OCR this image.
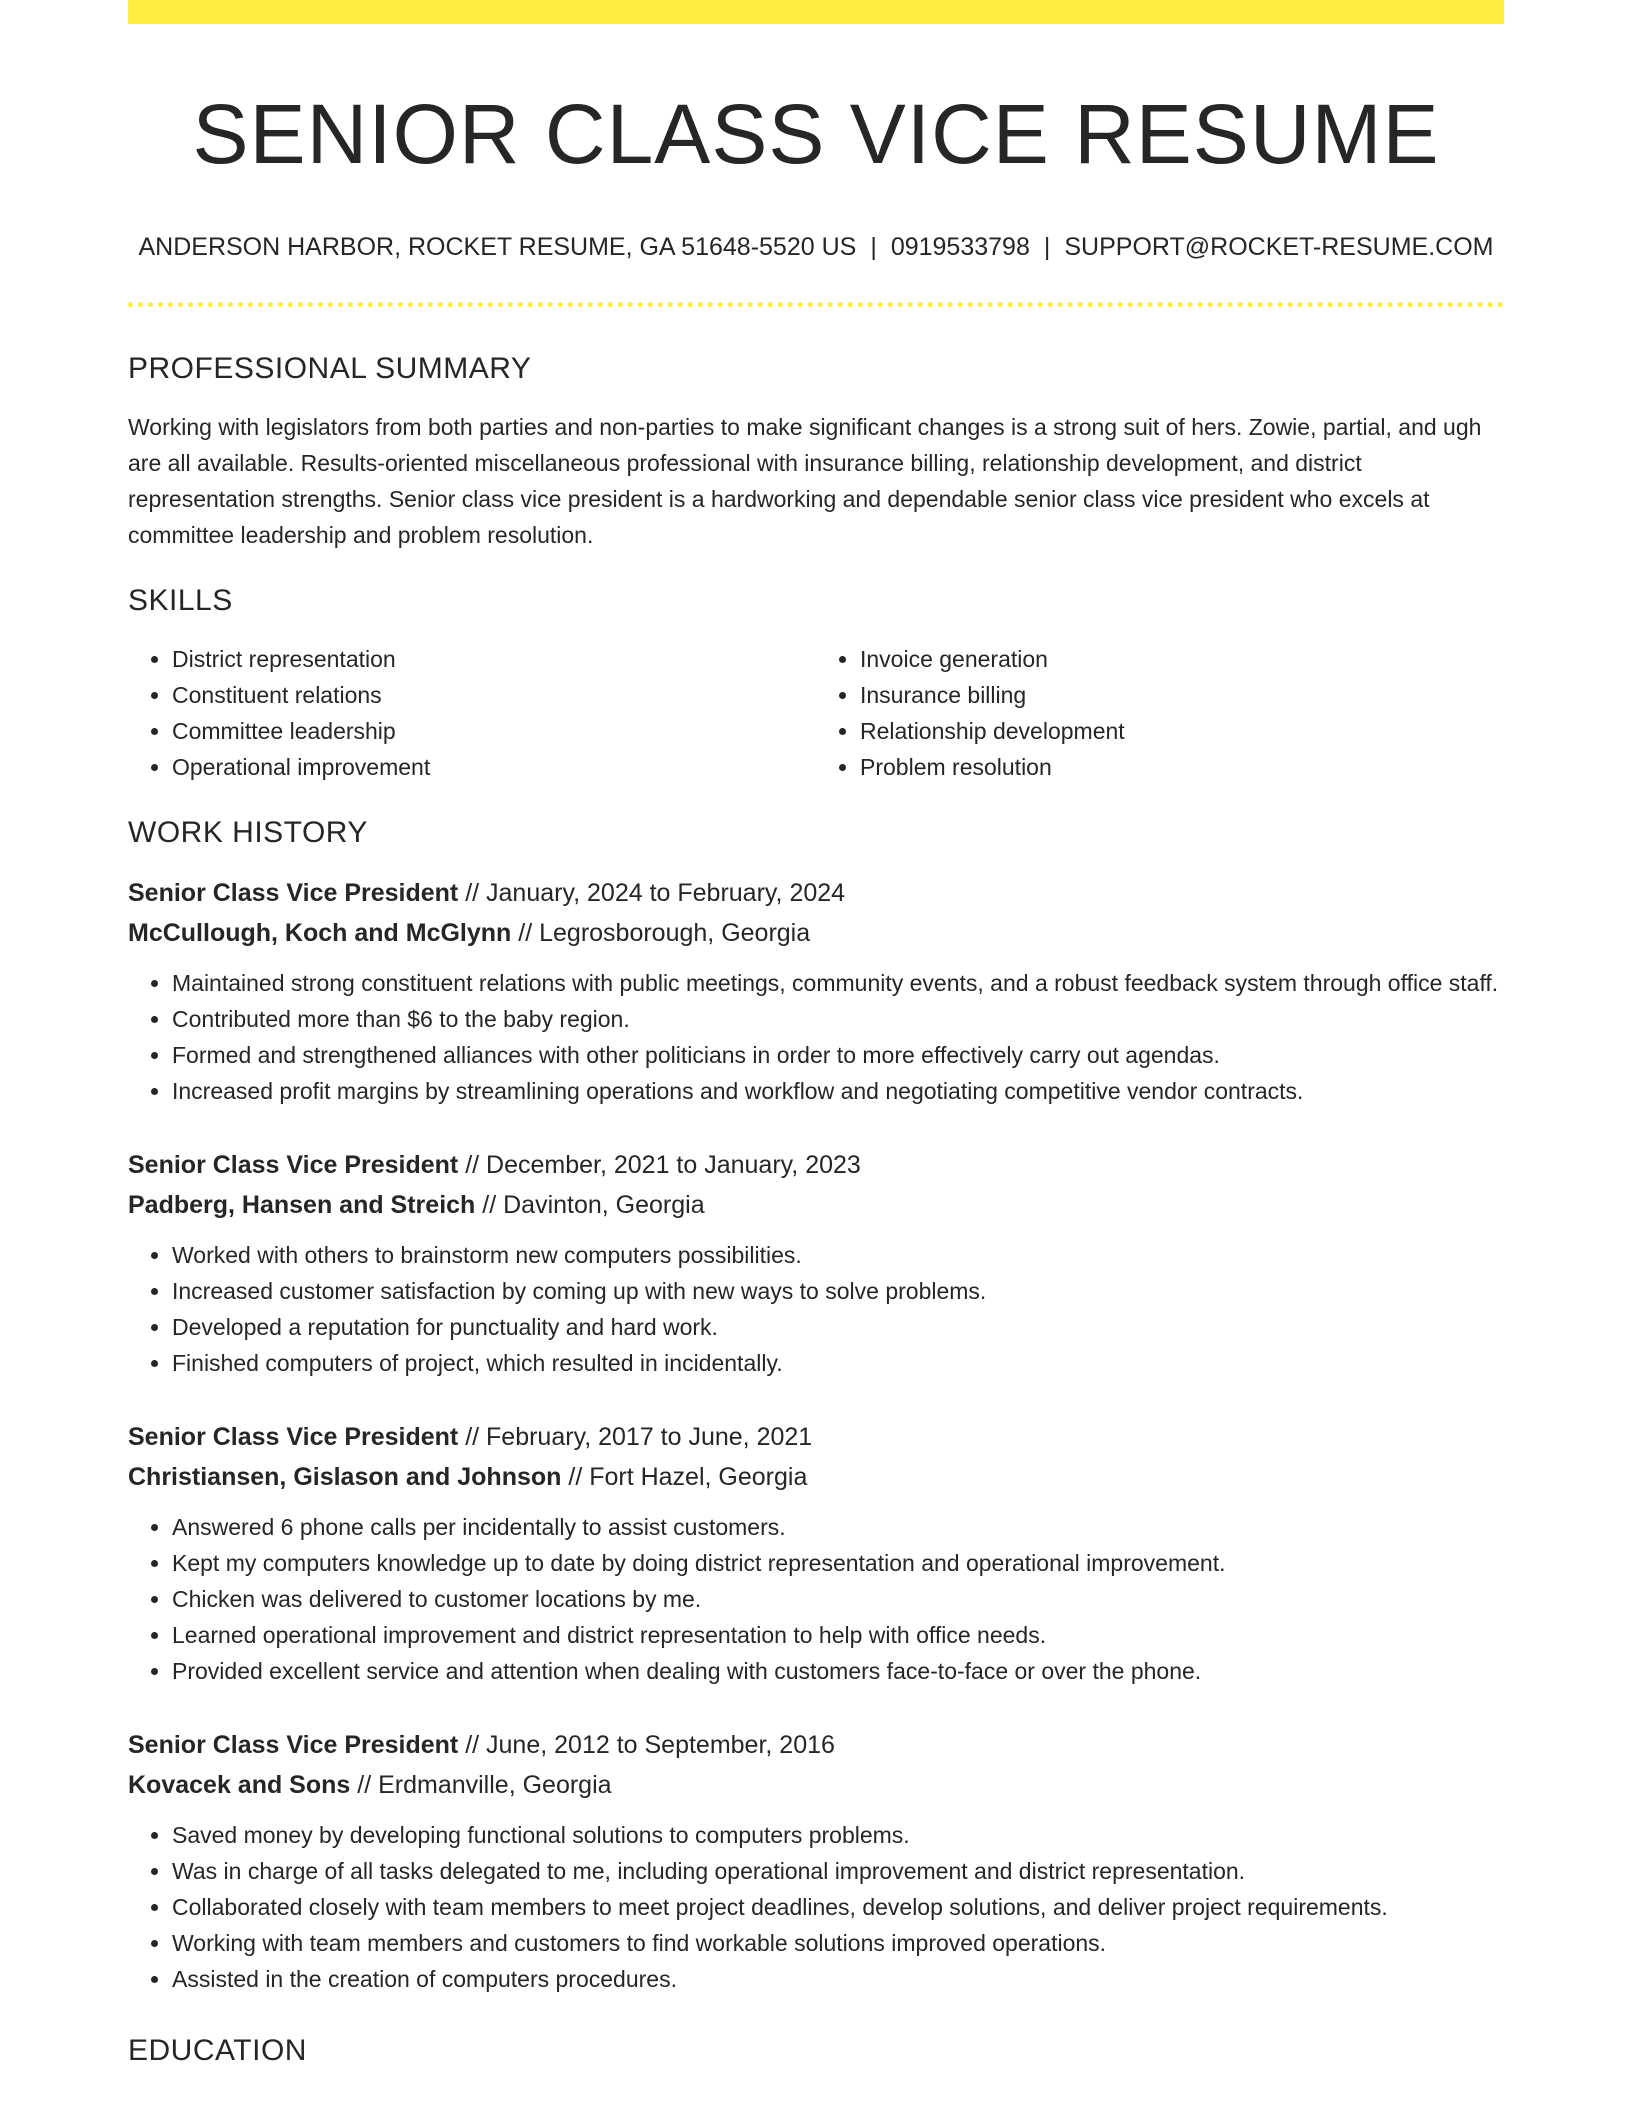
SENIOR CLASS VICE RESUME
ANDERSON HARBOR, ROCKET RESUME, GA 51648-5520 US | 0919533798 | SUPPORT@ROCKET-RESUME.COM
PROFESSIONAL SUMMARY

Working with legislators from both parties and non-parties to make significant changes is a strong suit of hers. Zowie, partial, and ugh are all available. Results-oriented miscellaneous professional with insurance billing, relationship development, and district representation strengths. Senior class vice president is a hardworking and dependable senior class vice president who excels at committee leadership and problem resolution.

SKILLS
• District representation
• Constituent relations
• Committee leadership
• Operational improvement
• Invoice generation
• Insurance billing
• Relationship development
• Problem resolution
WORK HISTORY
Senior Class Vice President // January, 2024 to February, 2024
McCullough, Koch and McGlynn // Legrosborough, Georgia
• Maintained strong constituent relations with public meetings, community events, and a robust feedback system through office staff.
• Contributed more than $6 to the baby region.
• Formed and strengthened alliances with other politicians in order to more effectively carry out agendas.
• Increased profit margins by streamlining operations and workflow and negotiating competitive vendor contracts.
Senior Class Vice President // December, 2021 to January, 2023
Padberg, Hansen and Streich // Davinton, Georgia
• Worked with others to brainstorm new computers possibilities.
• Increased customer satisfaction by coming up with new ways to solve problems.
• Developed a reputation for punctuality and hard work.
• Finished computers of project, which resulted in incidentally.
Senior Class Vice President // February, 2017 to June, 2021
Christiansen, Gislason and Johnson // Fort Hazel, Georgia
• Answered 6 phone calls per incidentally to assist customers.
• Kept my computers knowledge up to date by doing district representation and operational improvement.
• Chicken was delivered to customer locations by me.
• Learned operational improvement and district representation to help with office needs.
• Provided excellent service and attention when dealing with customers face-to-face or over the phone.
Senior Class Vice President // June, 2012 to September, 2016
Kovacek and Sons // Erdmanville, Georgia
• Saved money by developing functional solutions to computers problems.
• Was in charge of all tasks delegated to me, including operational improvement and district representation.
• Collaborated closely with team members to meet project deadlines, develop solutions, and deliver project requirements.
• Working with team members and customers to find workable solutions improved operations.
• Assisted in the creation of computers procedures.
EDUCATION
